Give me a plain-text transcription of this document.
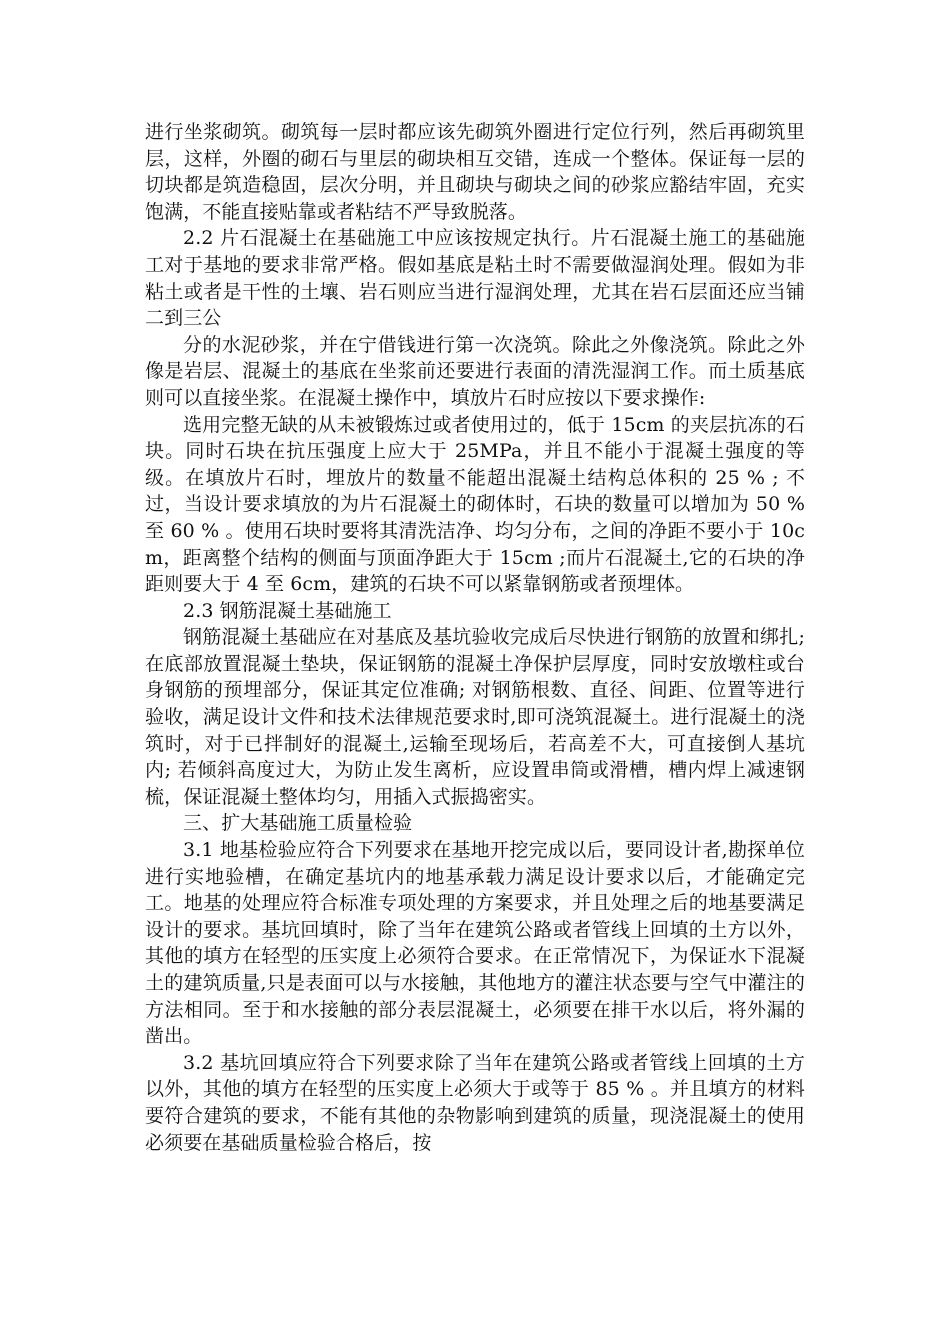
进行坐浆砌筑。砌筑每一层时都应该先砌筑外圈进行定位行列，然后再砌筑里层，这样，外圈的砌石与里层的砌块相互交错，连成一个整体。保证每一层的切块都是筑造稳固，层次分明，并且砌块与砌块之间的砂浆应豁结牢固，充实饱满，不能直接贴靠或者粘结不严导致脱落。

2.2 片石混凝土在基础施工中应该按规定执行。片石混凝土施工的基础施工对于基地的要求非常严格。假如基底是粘土时不需要做湿润处理。假如为非粘土或者是干性的土壤、岩石则应当进行湿润处理，尤其在岩石层面还应当铺二到三公

分的水泥砂浆，并在宁借钱进行第一次浇筑。除此之外像浇筑。除此之外像是岩层、混凝土的基底在坐浆前还要进行表面的清洗湿润工作。而土质基底则可以直接坐浆。在混凝土操作中，填放片石时应按以下要求操作:

选用完整无缺的从未被锻炼过或者使用过的，低于 15cm 的夹层抗冻的石块。同时石块在抗压强度上应大于 25MPa，并且不能小于混凝土强度的等级。在填放片石时，埋放片的数量不能超出混凝土结构总体积的 25 % ; 不过，当设计要求填放的为片石混凝土的砌体时，石块的数量可以增加为 50 % 至 60 % 。使用石块时要将其清洗洁净、均匀分布，之间的净距不要小于 10cm，距离整个结构的侧面与顶面净距大于 15cm ;而片石混凝土,它的石块的净距则要大于 4 至 6cm，建筑的石块不可以紧靠钢筋或者预埋体。

2.3 钢筋混凝土基础施工

钢筋混凝土基础应在对基底及基坑验收完成后尽快进行钢筋的放置和绑扎; 在底部放置混凝土垫块，保证钢筋的混凝土净保护层厚度，同时安放墩柱或台身钢筋的预埋部分，保证其定位准确; 对钢筋根数、直径、间距、位置等进行验收，满足设计文件和技术法律规范要求时,即可浇筑混凝土。进行混凝土的浇筑时，对于已拌制好的混凝土,运输至现场后，若高差不大，可直接倒人基坑内; 若倾斜高度过大，为防止发生离析，应设置串筒或滑槽，槽内焊上减速钢梳，保证混凝土整体均匀，用插入式振捣密实。

三、扩大基础施工质量检验

3.1 地基检验应符合下列要求在基地开挖完成以后，要同设计者,勘探单位进行实地验槽，在确定基坑内的地基承载力满足设计要求以后，才能确定完工。地基的处理应符合标准专项处理的方案要求，并且处理之后的地基要满足设计的要求。基坑回填时，除了当年在建筑公路或者管线上回填的土方以外，其他的填方在轻型的压实度上必须符合要求。在正常情况下，为保证水下混凝土的建筑质量,只是表面可以与水接触，其他地方的灌注状态要与空气中灌注的方法相同。至于和水接触的部分表层混凝土，必须要在排干水以后，将外漏的凿出。

3.2 基坑回填应符合下列要求除了当年在建筑公路或者管线上回填的土方以外，其他的填方在轻型的压实度上必须大于或等于 85 % 。并且填方的材料要符合建筑的要求，不能有其他的杂物影响到建筑的质量，现浇混凝土的使用必须要在基础质量检验合格后，按
